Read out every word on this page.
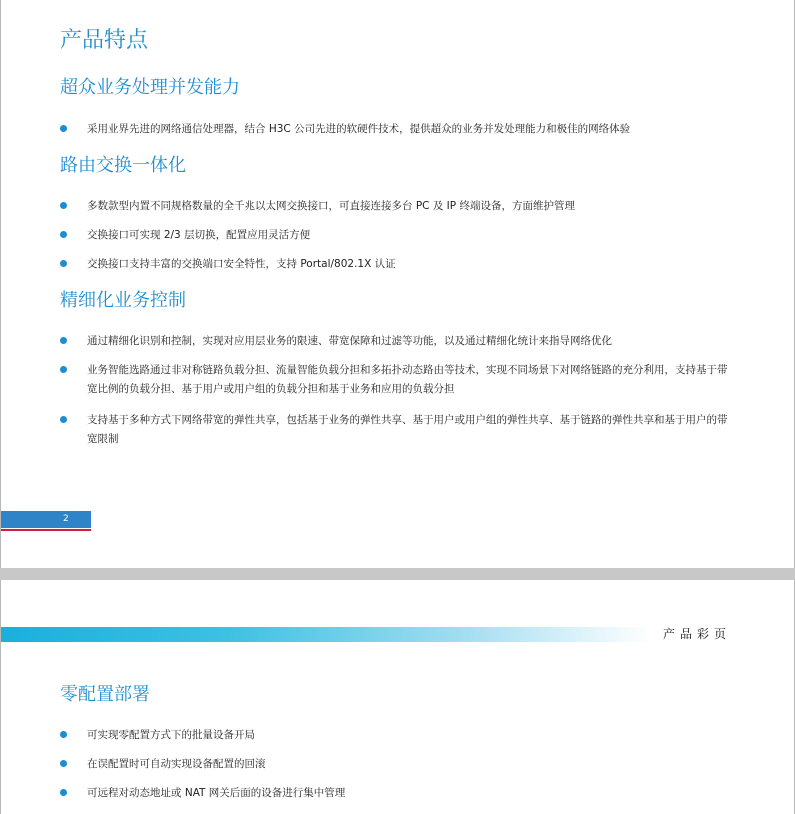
产品特点
超众业务处理并发能力
采用业界先进的网络通信处理器，结合 H3C 公司先进的软硬件技术，提供超众的业务并发处理能力和极佳的网络体验
路由交换一体化
多数款型内置不同规格数量的全千兆以太网交换接口，可直接连接多台 PC 及 IP 终端设备，方面维护管理
交换接口可实现 2/3 层切换，配置应用灵活方便
交换接口支持丰富的交换端口安全特性，支持 Portal/802.1X 认证
精细化业务控制
通过精细化识别和控制，实现对应用层业务的限速、带宽保障和过滤等功能，以及通过精细化统计来指导网络优化
业务智能选路通过非对称链路负载分担、流量智能负载分担和多拓扑动态路由等技术，实现不同场景下对网络链路的充分利用，支持基于带宽比例的负载分担、基于用户或用户组的负载分担和基于业务和应用的负载分担
支持基于多种方式下网络带宽的弹性共享，包括基于业务的弹性共享、基于用户或用户组的弹性共享、基于链路的弹性共享和基于用户的带宽限制
2
产品彩页
零配置部署
可实现零配置方式下的批量设备开局
在误配置时可自动实现设备配置的回滚
可远程对动态地址或 NAT 网关后面的设备进行集中管理
